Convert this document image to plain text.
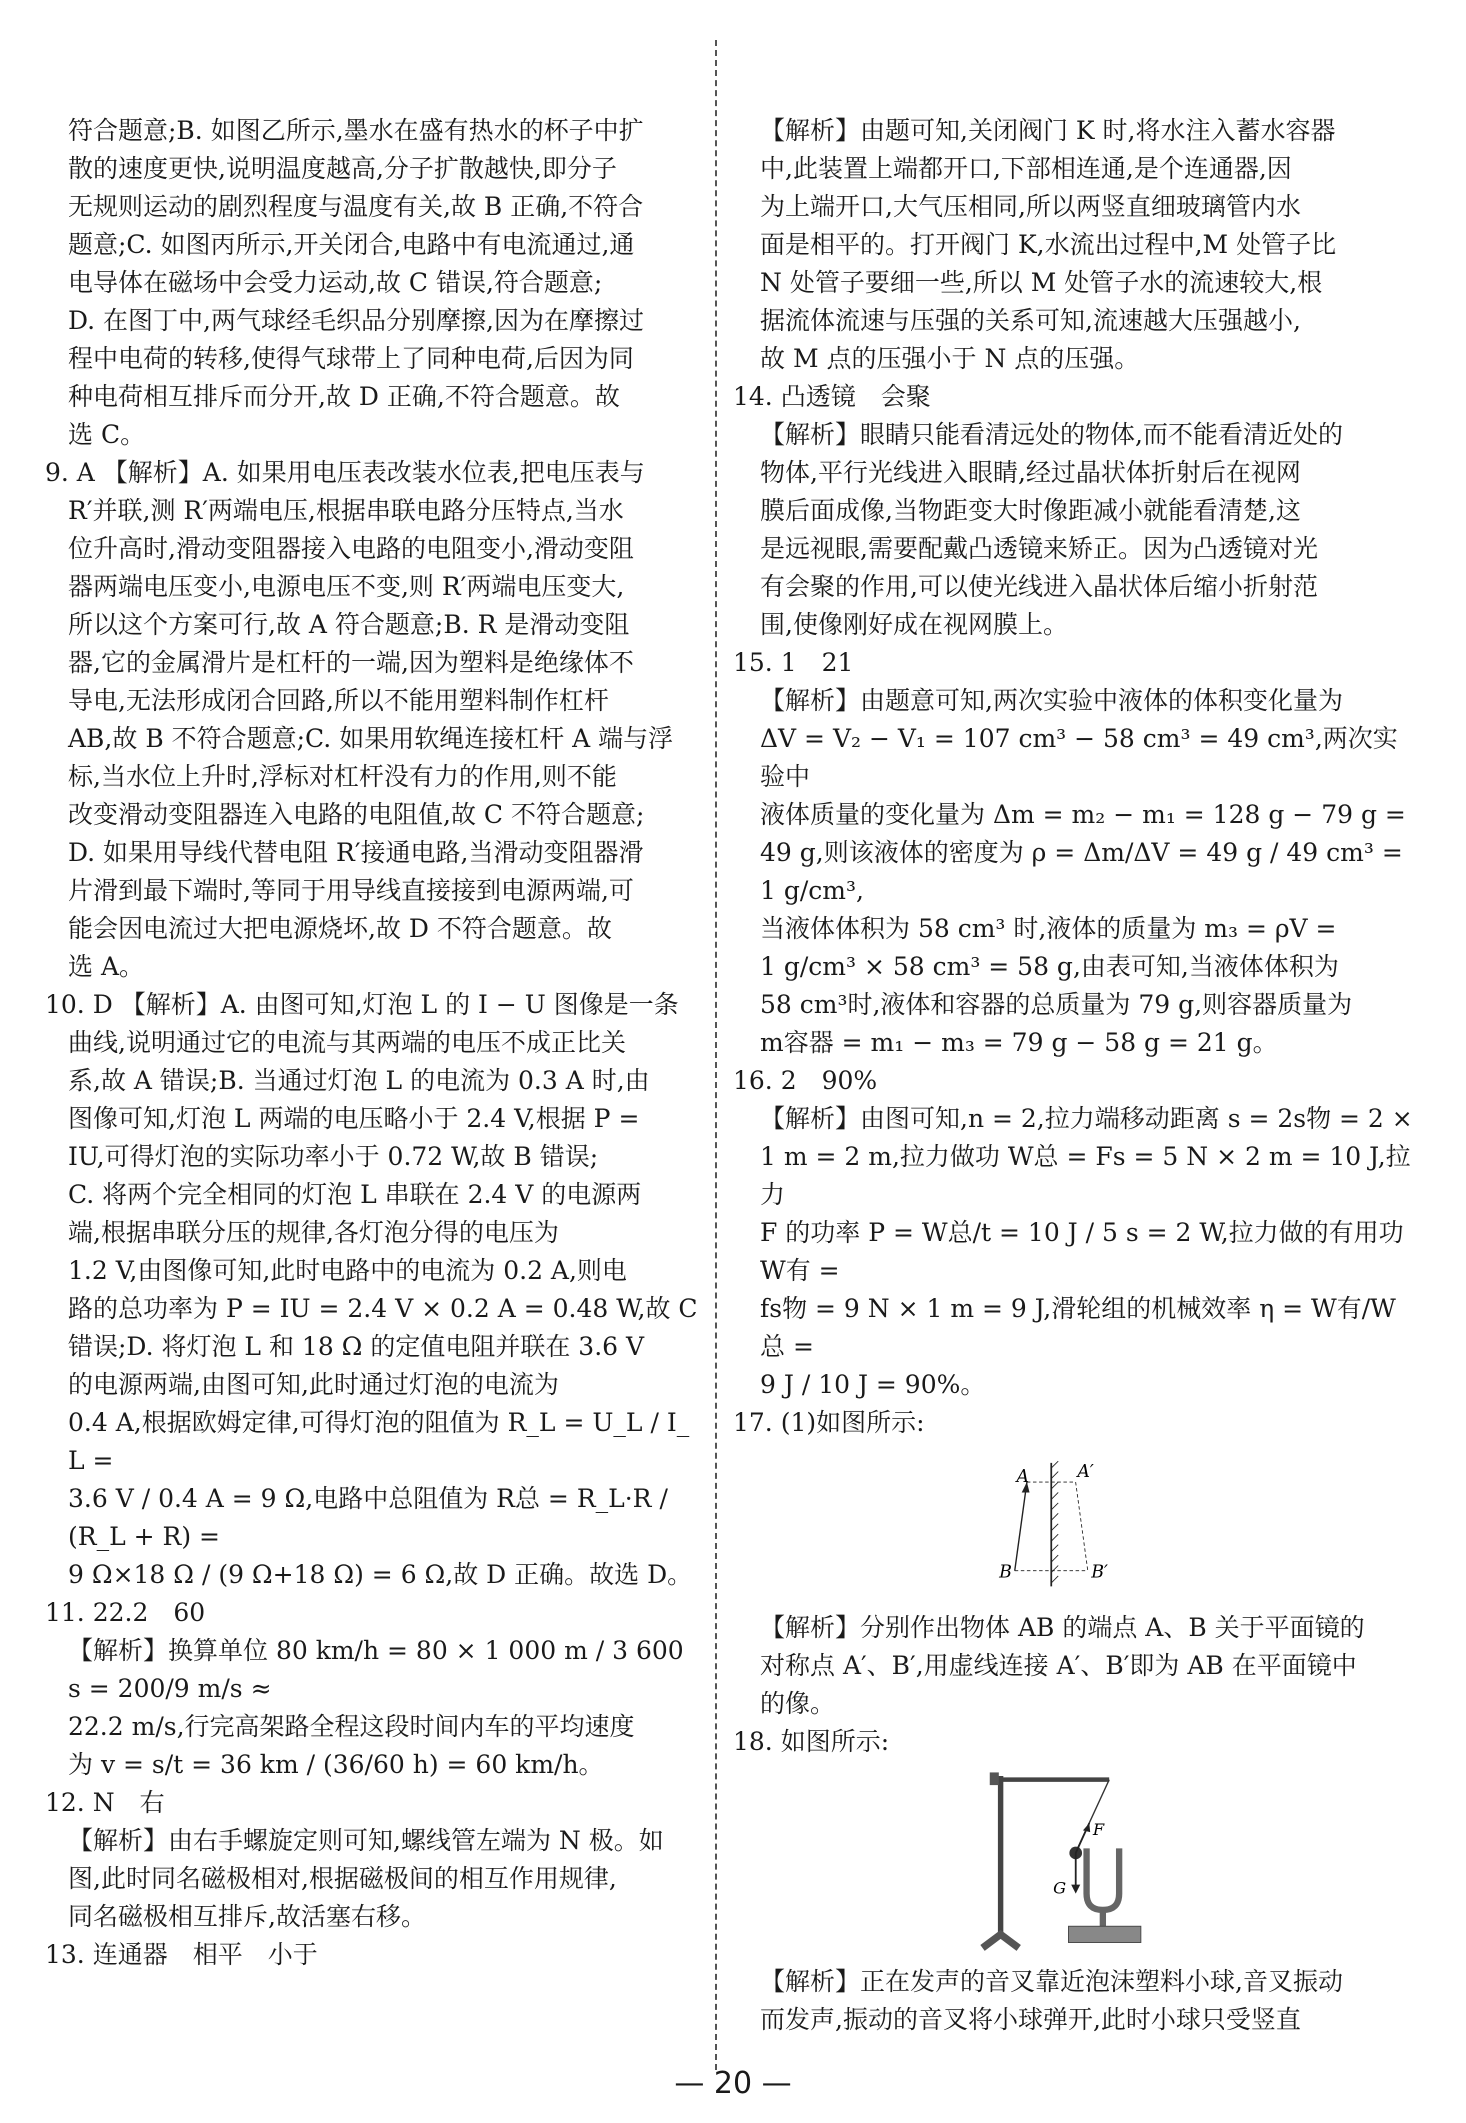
符合题意;B. 如图乙所示,墨水在盛有热水的杯子中扩
散的速度更快,说明温度越高,分子扩散越快,即分子
无规则运动的剧烈程度与温度有关,故 B 正确,不符合
题意;C. 如图丙所示,开关闭合,电路中有电流通过,通
电导体在磁场中会受力运动,故 C 错误,符合题意;
D. 在图丁中,两气球经毛织品分别摩擦,因为在摩擦过
程中电荷的转移,使得气球带上了同种电荷,后因为同
种电荷相互排斥而分开,故 D 正确,不符合题意。故
选 C。
9. A 【解析】A. 如果用电压表改装水位表,把电压表与
R′并联,测 R′两端电压,根据串联电路分压特点,当水
位升高时,滑动变阻器接入电路的电阻变小,滑动变阻
器两端电压变小,电源电压不变,则 R′两端电压变大,
所以这个方案可行,故 A 符合题意;B. R 是滑动变阻
器,它的金属滑片是杠杆的一端,因为塑料是绝缘体不
导电,无法形成闭合回路,所以不能用塑料制作杠杆
AB,故 B 不符合题意;C. 如果用软绳连接杠杆 A 端与浮
标,当水位上升时,浮标对杠杆没有力的作用,则不能
改变滑动变阻器连入电路的电阻值,故 C 不符合题意;
D. 如果用导线代替电阻 R′接通电路,当滑动变阻器滑
片滑到最下端时,等同于用导线直接接到电源两端,可
能会因电流过大把电源烧坏,故 D 不符合题意。故
选 A。
10. D 【解析】A. 由图可知,灯泡 L 的 I − U 图像是一条
曲线,说明通过它的电流与其两端的电压不成正比关
系,故 A 错误;B. 当通过灯泡 L 的电流为 0.3 A 时,由
图像可知,灯泡 L 两端的电压略小于 2.4 V,根据 P =
IU,可得灯泡的实际功率小于 0.72 W,故 B 错误;
C. 将两个完全相同的灯泡 L 串联在 2.4 V 的电源两
端,根据串联分压的规律,各灯泡分得的电压为
1.2 V,由图像可知,此时电路中的电流为 0.2 A,则电
路的总功率为 P = IU = 2.4 V × 0.2 A = 0.48 W,故 C
错误;D. 将灯泡 L 和 18 Ω 的定值电阻并联在 3.6 V
的电源两端,由图可知,此时通过灯泡的电流为
0.4 A,根据欧姆定律,可得灯泡的阻值为 R_L = U_L / I_L =
3.6 V / 0.4 A = 9 Ω,电路中总阻值为 R总 = R_L·R / (R_L + R) =
9 Ω×18 Ω / (9 Ω+18 Ω) = 6 Ω,故 D 正确。故选 D。
11. 22.2　60
【解析】换算单位 80 km/h = 80 × 1 000 m / 3 600 s = 200/9 m/s ≈
22.2 m/s,行完高架路全程这段时间内车的平均速度
为 v = s/t = 36 km / (36/60 h) = 60 km/h。
12. N　右
【解析】由右手螺旋定则可知,螺线管左端为 N 极。如
图,此时同名磁极相对,根据磁极间的相互作用规律,
同名磁极相互排斥,故活塞右移。
13. 连通器　相平　小于
【解析】由题可知,关闭阀门 K 时,将水注入蓄水容器
中,此装置上端都开口,下部相连通,是个连通器,因
为上端开口,大气压相同,所以两竖直细玻璃管内水
面是相平的。打开阀门 K,水流出过程中,M 处管子比
N 处管子要细一些,所以 M 处管子水的流速较大,根
据流体流速与压强的关系可知,流速越大压强越小,
故 M 点的压强小于 N 点的压强。
14. 凸透镜　会聚
【解析】眼睛只能看清远处的物体,而不能看清近处的
物体,平行光线进入眼睛,经过晶状体折射后在视网
膜后面成像,当物距变大时像距减小就能看清楚,这
是远视眼,需要配戴凸透镜来矫正。因为凸透镜对光
有会聚的作用,可以使光线进入晶状体后缩小折射范
围,使像刚好成在视网膜上。
15. 1　21
【解析】由题意可知,两次实验中液体的体积变化量为
ΔV = V₂ − V₁ = 107 cm³ − 58 cm³ = 49 cm³,两次实验中
液体质量的变化量为 Δm = m₂ − m₁ = 128 g − 79 g =
49 g,则该液体的密度为 ρ = Δm/ΔV = 49 g / 49 cm³ = 1 g/cm³,
当液体体积为 58 cm³ 时,液体的质量为 m₃ = ρV =
1 g/cm³ × 58 cm³ = 58 g,由表可知,当液体体积为
58 cm³时,液体和容器的总质量为 79 g,则容器质量为
m容器 = m₁ − m₃ = 79 g − 58 g = 21 g。
16. 2　90%
【解析】由图可知,n = 2,拉力端移动距离 s = 2s物 = 2 ×
1 m = 2 m,拉力做功 W总 = Fs = 5 N × 2 m = 10 J,拉力
F 的功率 P = W总/t = 10 J / 5 s = 2 W,拉力做的有用功 W有 =
fs物 = 9 N × 1 m = 9 J,滑轮组的机械效率 η = W有/W总 =
9 J / 10 J = 90%。
17. (1)如图所示:
A A′
B	B′
【解析】分别作出物体 AB 的端点 A、B 关于平面镜的
对称点 A′、B′,用虚线连接 A′、B′即为 AB 在平面镜中
的像。
18. 如图所示:
F
G
【解析】正在发声的音叉靠近泡沫塑料小球,音叉振动
而发声,振动的音叉将小球弹开,此时小球只受竖直
— 20 —
